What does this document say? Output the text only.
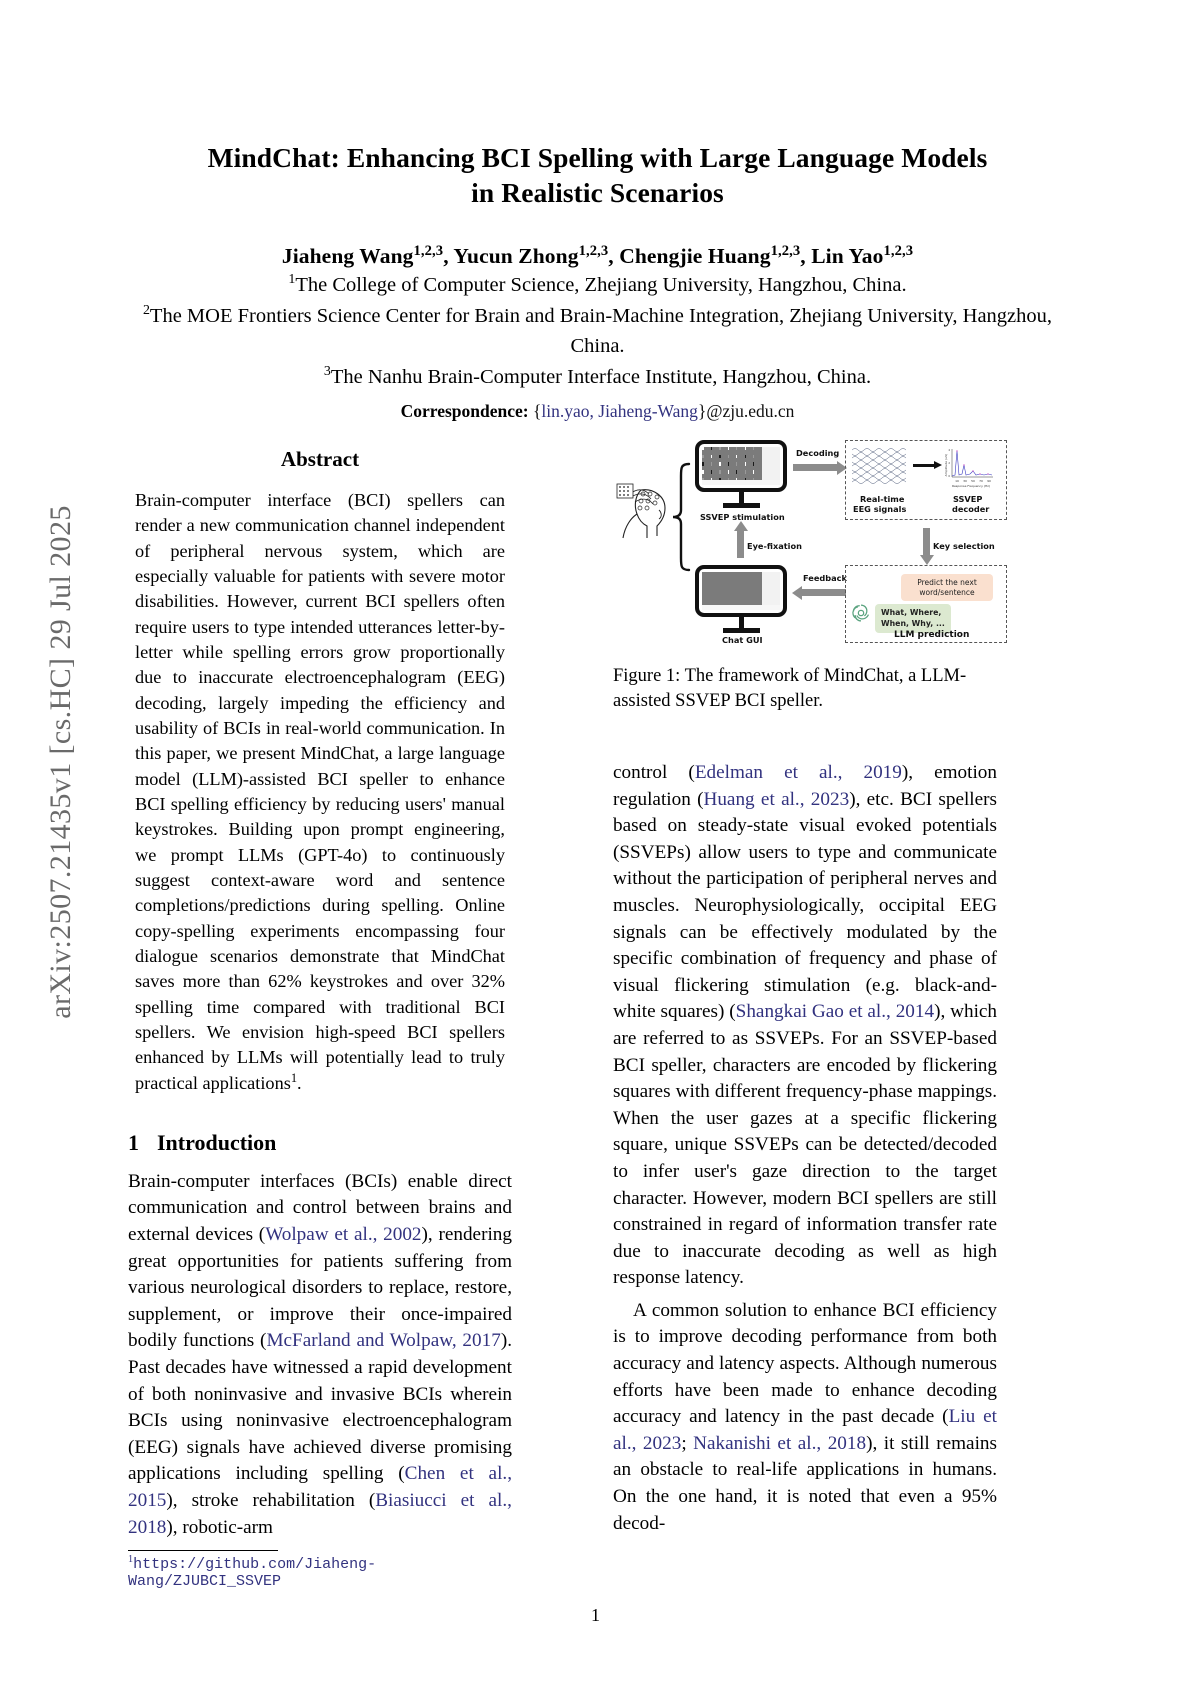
arXiv:2507.21435v1 [cs.HC] 29 Jul 2025
MindChat: Enhancing BCI Spelling with Large Language Models
in Realistic Scenarios
Jiaheng Wang$^{1,2,3}$, Yucun Zhong$^{1,2,3}$, Chengjie Huang$^{1,2,3}$, Lin Yao$^{1,2,3}$
$^1$The College of Computer Science, Zhejiang University, Hangzhou, China.
$^2$The MOE Frontiers Science Center for Brain and Brain-Machine Integration, Zhejiang University, Hangzhou, China.
$^3$The Nanhu Brain-Computer Interface Institute, Hangzhou, China.
Correspondence: {lin.yao, Jiaheng-Wang}@zju.edu.cn
Abstract
Brain-computer interface (BCI) spellers can render a new communication channel independent of peripheral nervous system, which are especially valuable for patients with severe motor disabilities. However, current BCI spellers often require users to type intended utterances letter-by-letter while spelling errors grow proportionally due to inaccurate electroencephalogram (EEG) decoding, largely impeding the efficiency and usability of BCIs in real-world communication. In this paper, we present MindChat, a large language model (LLM)-assisted BCI speller to enhance BCI spelling efficiency by reducing users' manual keystrokes. Building upon prompt engineering, we prompt LLMs (GPT-4o) to continuously suggest context-aware word and sentence completions/predictions during spelling. Online copy-spelling experiments encompassing four dialogue scenarios demonstrate that MindChat saves more than 62% keystrokes and over 32% spelling time compared with traditional BCI spellers. We envision high-speed BCI spellers enhanced by LLMs will potentially lead to truly practical applications$^1$.
1 Introduction

Brain-computer interfaces (BCIs) enable direct communication and control between brains and external devices (Wolpaw et al., 2002), rendering great opportunities for patients suffering from various neurological disorders to replace, restore, supplement, or improve their once-impaired bodily functions (McFarland and Wolpaw, 2017). Past decades have witnessed a rapid development of both noninvasive and invasive BCIs wherein BCIs using noninvasive electroencephalogram (EEG) signals have achieved diverse promising applications including spelling (Chen et al., 2015), stroke rehabilitation (Biasiucci et al., 2018), robotic-arm

$^1$https://github.com/Jiaheng-Wang/ZJUBCI_SSVEP
SSVEP stimulation
Chat GUI
Decoding
Feedback
Eye-fixation	Key selection
Real-time
EEG signals
10 30 50 70 90
Response Frequency (Hz)
Amplitude (uV)
4
2
0
SSVEP
decoder
Predict the next
word/sentence
What, Where,
When, Why, ...
LLM prediction
Figure 1: The framework of MindChat, a LLM-assisted SSVEP BCI speller.

control (Edelman et al., 2019), emotion regulation (Huang et al., 2023), etc. BCI spellers based on steady-state visual evoked potentials (SSVEPs) allow users to type and communicate without the participation of peripheral nerves and muscles. Neurophysiologically, occipital EEG signals can be effectively modulated by the specific combination of frequency and phase of visual flickering stimulation (e.g. black-and-white squares) (Shangkai Gao et al., 2014), which are referred to as SSVEPs. For an SSVEP-based BCI speller, characters are encoded by flickering squares with different frequency-phase mappings. When the user gazes at a specific flickering square, unique SSVEPs can be detected/decoded to infer user's gaze direction to the target character. However, modern BCI spellers are still constrained in regard of information transfer rate due to inaccurate decoding as well as high response latency.

A common solution to enhance BCI efficiency is to improve decoding performance from both accuracy and latency aspects. Although numerous efforts have been made to enhance decoding accuracy and latency in the past decade (Liu et al., 2023; Nakanishi et al., 2018), it still remains an obstacle to real-life applications in humans. On the one hand, it is noted that even a 95% decod-

1
